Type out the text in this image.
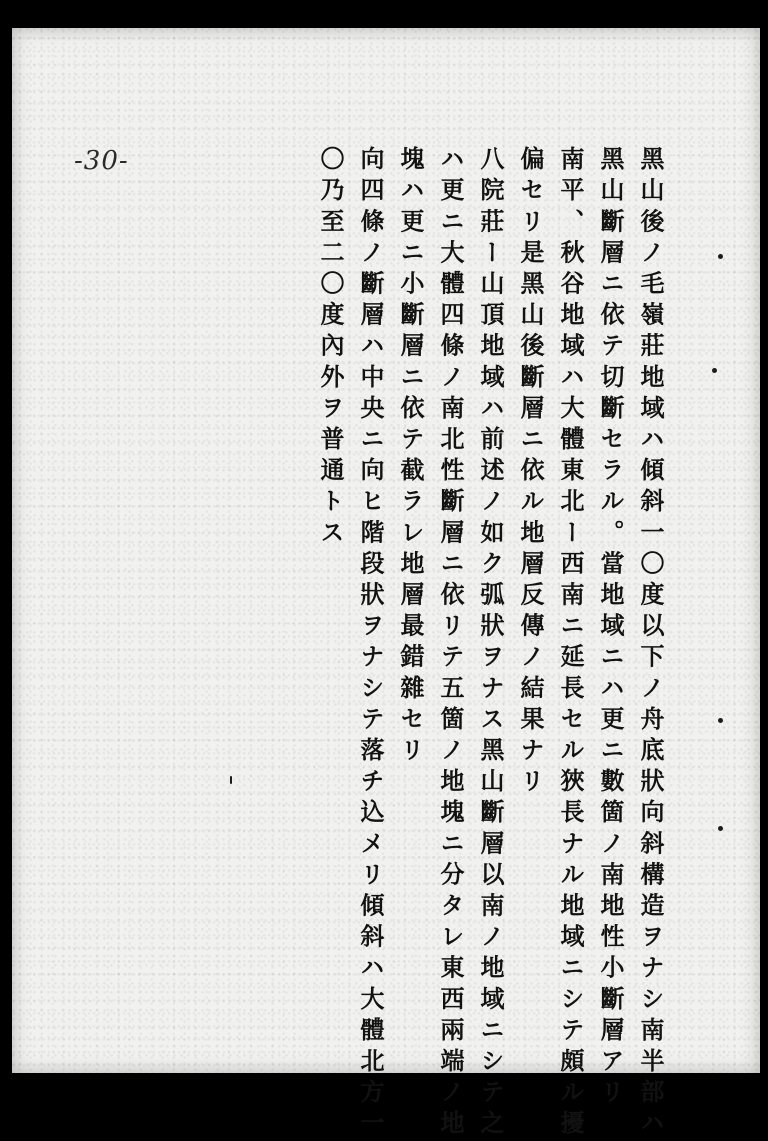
-30-	黑山後ノ毛嶺莊地域ハ傾斜一〇度以下ノ舟底狀向斜構造ヲナシ南半部ハ
黑山斷層ニ依テ切斷セラル。當地域ニハ更ニ數箇ノ南地性小斷層アリ
南平、秋谷地域ハ大體東北ー西南ニ延長セル狹長ナル地域ニシテ頗ル擾
偏セリ是黑山後斷層ニ依ル地層反傳ノ結果ナリ
八院莊ー山頂地域ハ前述ノ如ク弧狀ヲナス黑山斷層以南ノ地域ニシテ之
ハ更ニ大體四條ノ南北性斷層ニ依リテ五箇ノ地塊ニ分タレ東西兩端ノ地
塊ハ更ニ小斷層ニ依テ截ラレ地層最錯雜セリ
向四條ノ斷層ハ中央ニ向ヒ階段狀ヲナシテ落チ込メリ傾斜ハ大體北方一
〇乃至二〇度內外ヲ普通トス
